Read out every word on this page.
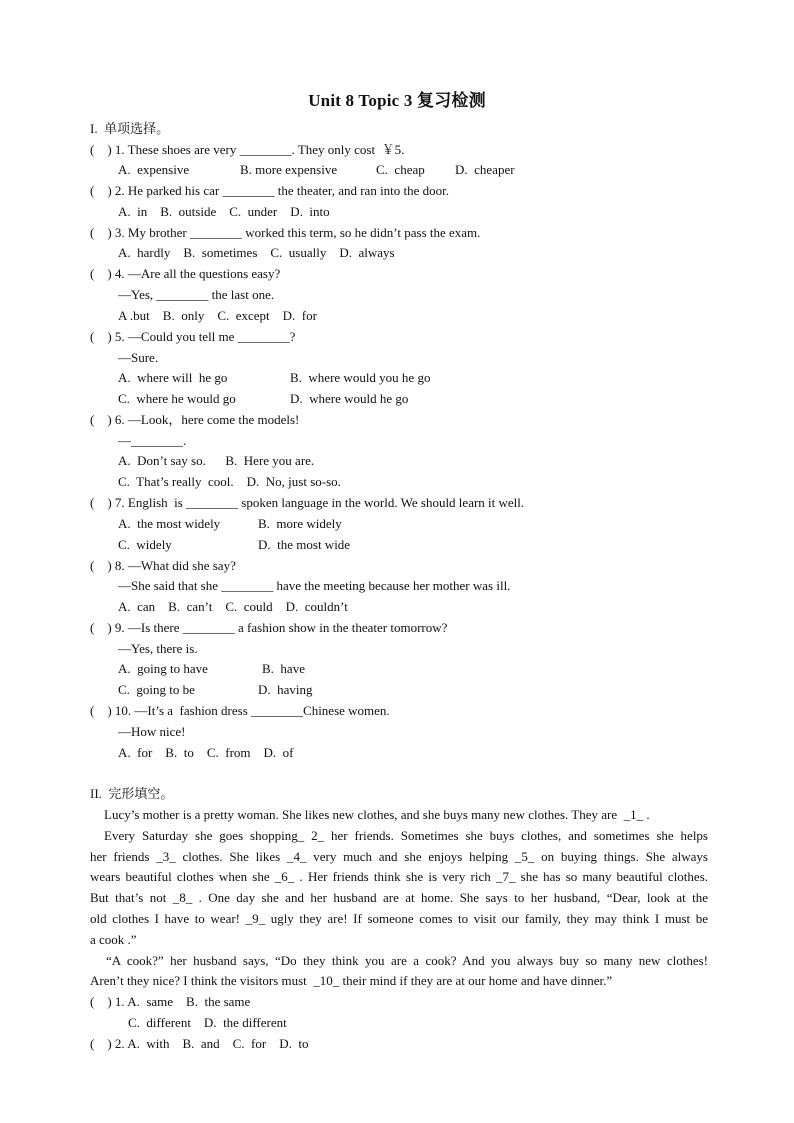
Unit 8 Topic 3 复习检测
I.  单项选择。
(    ) 1. These shoes are very ________. They only cost  ￥5.
A.  expensive	B. more expensive	C.  cheap D.  cheaper
(    ) 2. He parked his car ________ the theater, and ran into the door.
A.  in    B.  outside    C.  under    D.  into
(    ) 3. My brother ________ worked this term, so he didn’t pass the exam.
A.  hardly    B.  sometimes    C.  usually    D.  always
(    ) 4. —Are all the questions easy?
—Yes, ________ the last one.
A .but    B.  only    C.  except    D.  for
(    ) 5. —Could you tell me ________?
—Sure.
A.  where will  he go	B.  where would you he go
C.  where he would go	D.  where would he go
(    ) 6. —Look，here come the models!
—________.
A.  Don’t say so.      B.  Here you are.
C.  That’s really  cool.    D.  No, just so-so.
(    ) 7. English  is ________ spoken language in the world. We should learn it well.
A.  the most widely	B.  more widely
C.  widely	D.  the most wide
(    ) 8. —What did she say?
—She said that she ________ have the meeting because her mother was ill.
A.  can    B.  can’t    C.  could    D.  couldn’t
(    ) 9. —Is there ________ a fashion show in the theater tomorrow?
—Yes, there is.
A.  going to have	B.  have
C.  going to be	D.  having
(    ) 10. —It’s a  fashion dress ________Chinese women.
—How nice!
A.  for    B.  to    C.  from    D.  of
II.  完形填空。
Lucy’s mother is a pretty woman. She likes new clothes, and she buys many new clothes. They are  _1_ .
Every Saturday she goes shopping_ 2_ her friends. Sometimes she buys clothes, and sometimes she helps
her friends _3_ clothes. She likes _4_ very much and she enjoys helping _5_ on buying things. She always
wears beautiful clothes when she _6_ . Her friends think she is very rich _7_ she has so many beautiful clothes.
But that’s not _8_ . One day she and her husband are at home. She says to her husband, “Dear, look at the
old clothes I have to wear! _9_ ugly they are! If someone comes to visit our family, they may think I must be
a cook .”
“A cook?” her husband says, “Do they think you are a cook? And you always buy so many new clothes!
Aren’t they nice? I think the visitors must  _10_ their mind if they are at our home and have dinner.”
(    ) 1. A.  same    B.  the same
C.  different    D.  the different
(    ) 2. A.  with    B.  and    C.  for    D.  to
